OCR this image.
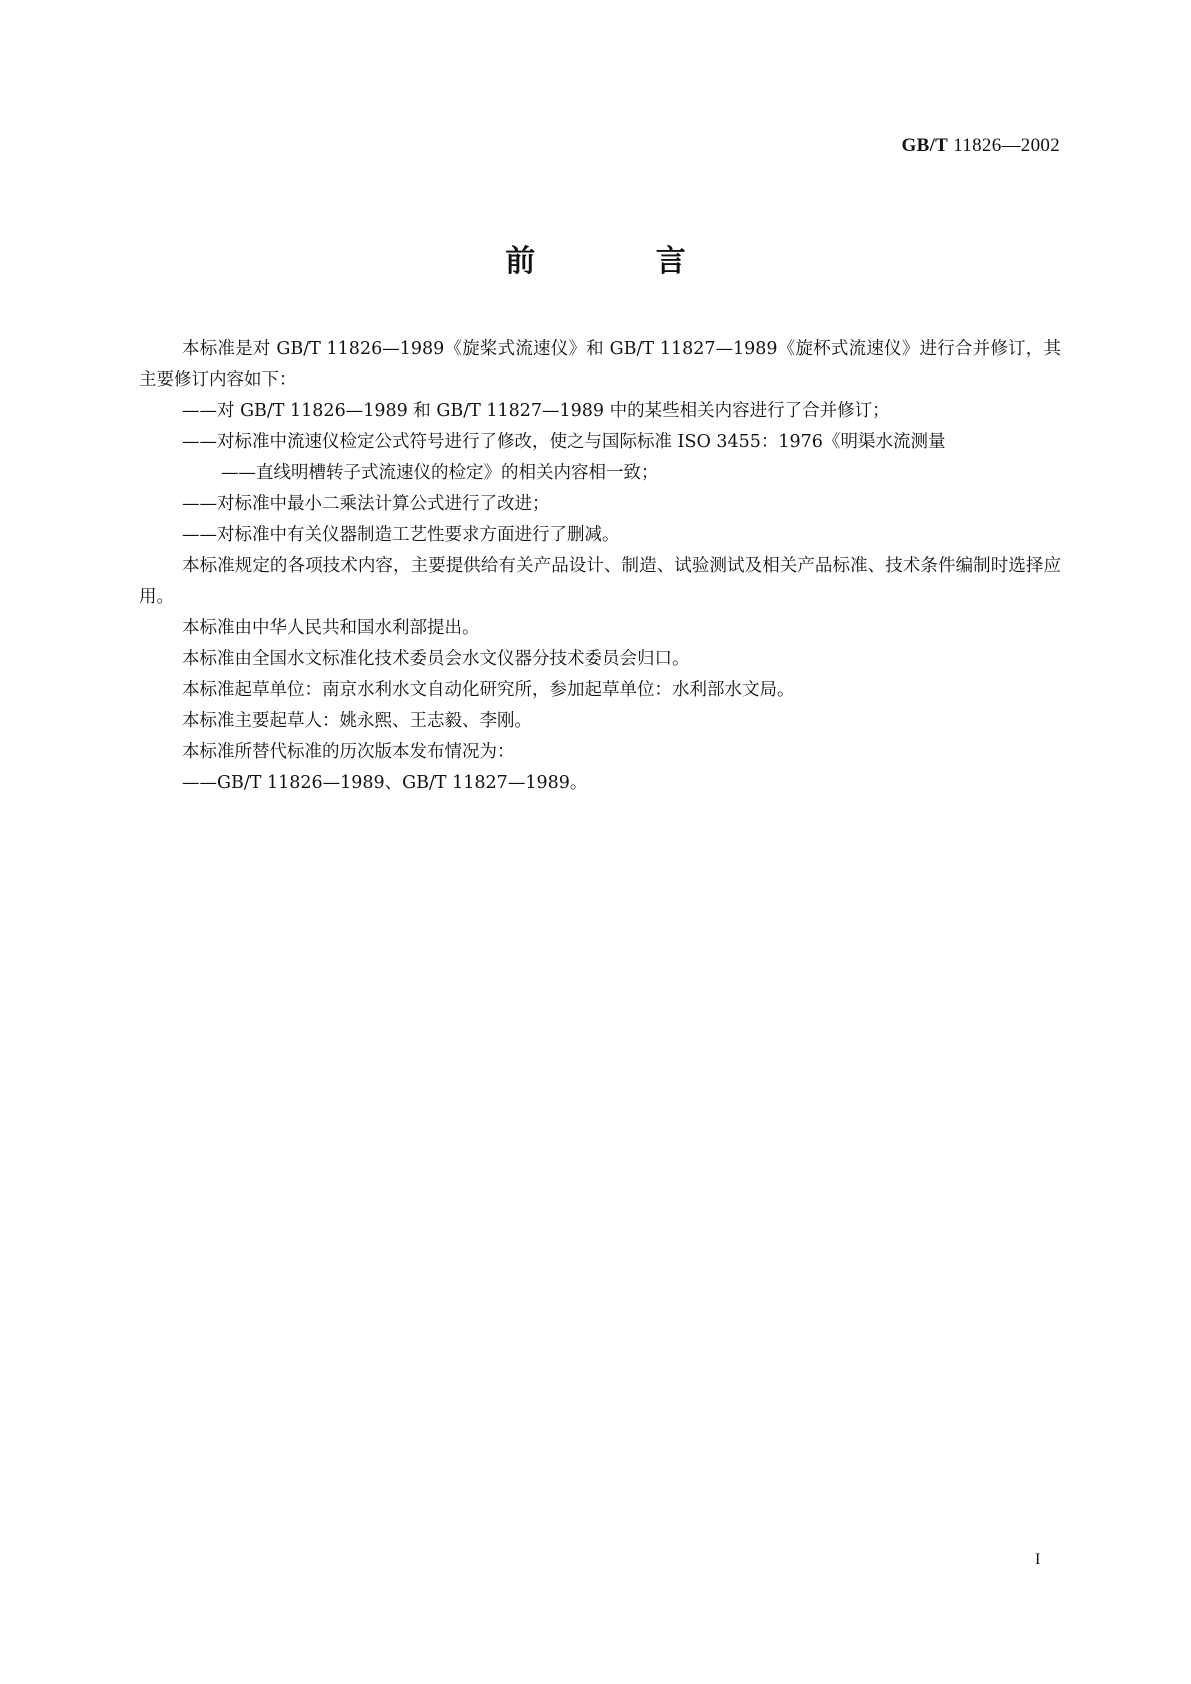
GB/T 11826—2002
前 言

本标准是对 GB/T 11826—1989《旋桨式流速仪》和 GB/T 11827—1989《旋杯式流速仪》进行合并修订，其主要修订内容如下：

——对 GB/T 11826—1989 和 GB/T 11827—1989 中的某些相关内容进行了合并修订；

——对标准中流速仪检定公式符号进行了修改，使之与国际标准 ISO 3455：1976《明渠水流测量

——直线明槽转子式流速仪的检定》的相关内容相一致；

——对标准中最小二乘法计算公式进行了改进；

——对标准中有关仪器制造工艺性要求方面进行了删减。

本标准规定的各项技术内容，主要提供给有关产品设计、制造、试验测试及相关产品标准、技术条件编制时选择应用。

本标准由中华人民共和国水利部提出。

本标准由全国水文标准化技术委员会水文仪器分技术委员会归口。

本标准起草单位：南京水利水文自动化研究所，参加起草单位：水利部水文局。

本标准主要起草人：姚永熙、王志毅、李刚。

本标准所替代标准的历次版本发布情况为：

——GB/T 11826—1989、GB/T 11827—1989。

I
